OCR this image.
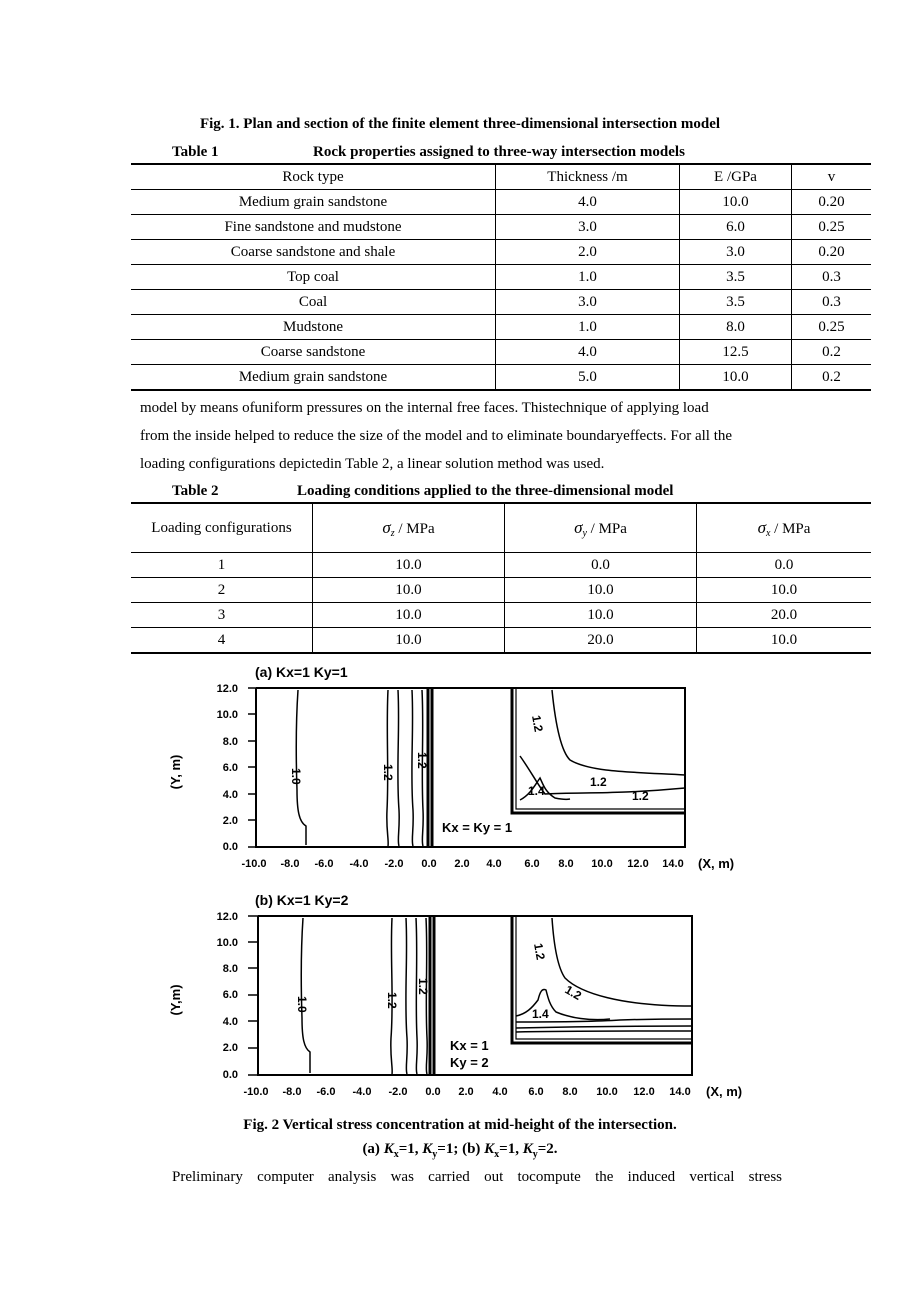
Fig. 1. Plan and section of the finite element three-dimensional intersection model
Table 1	Rock properties assigned to three-way intersection models
Rock type	Thickness /m	E /GPa	v
Medium grain sandstone	4.0	10.0	0.20
Fine sandstone and mudstone	3.0	6.0	0.25
Coarse sandstone and shale	2.0	3.0	0.20
Top coal	1.0	3.5	0.3
Coal	3.0	3.5	0.3
Mudstone	1.0	8.0	0.25
Coarse sandstone	4.0	12.5	0.2
Medium grain sandstone	5.0	10.0	0.2
model by means ofuniform pressures on the internal free faces. Thistechnique of applying load
from the inside helped to reduce the size of the model and to eliminate boundaryeffects. For all the
loading configurations depictedin Table 2, a linear solution method was used.
Table 2	Loading conditions applied to the three-dimensional model
Loading configurations	$\sigma_z$ / MPa	$\sigma_y$ / MPa	$\sigma_x$ / MPa
1	10.0	0.0	0.0
2	10.0	10.0	10.0
3	10.0	10.0	20.0
4	10.0	20.0	10.0
(a) Kx=1 Ky=1
(Y, m)
12.0
10.0
8.0
6.0
4.0
2.0
0.0
1.0	1.2
1.2
1.2
1.4
1.2
1.2
Kx = Ky = 1
-10.0 -8.0 -6.0 -4.0 -2.0 0.0 2.0 4.0 6.0 8.0 10.0 12.0 14.0 (X, m)
(b) Kx=1 Ky=2
(Y,m)
12.0
10.0
8.0
6.0
4.0
2.0
0.0
1.0	1.2
1.2
1.2
1.2
1.4
Kx = 1
Ky = 2
-10.0 -8.0 -6.0 -4.0 -2.0 0.0 2.0 4.0 6.0 8.0 10.0 12.0 14.0 (X, m)
Fig. 2 Vertical stress concentration at mid-height of the intersection.
(a) $K_x=1$, $K_y=1$; (b) $K_x=1$, $K_y=2$.
Preliminary computer analysis was carried out tocompute the induced vertical stress
